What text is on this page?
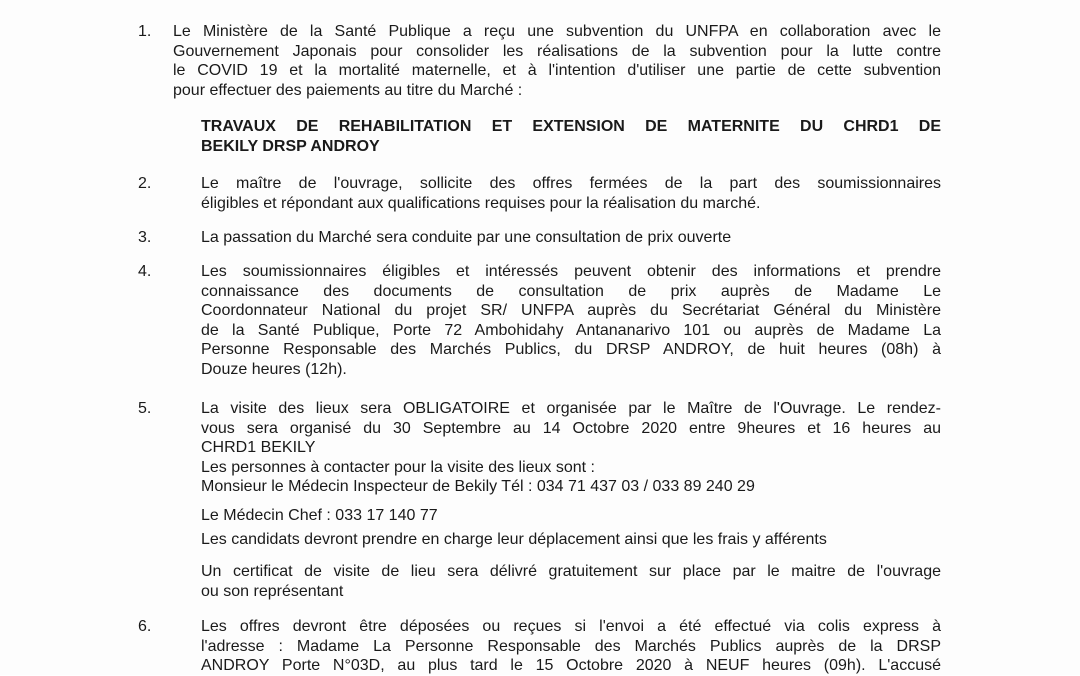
1.	Le Ministère de la Santé Publique a reçu une subvention du UNFPA en collaboration avec le
Gouvernement Japonais pour consolider les réalisations de la subvention pour la lutte contre
le COVID 19 et la mortalité maternelle, et à l'intention d'utiliser une partie de cette subvention
pour effectuer des paiements au titre du Marché :
TRAVAUX DE REHABILITATION ET EXTENSION DE MATERNITE DU CHRD1 DE
BEKILY DRSP ANDROY
2.	Le maître de l'ouvrage, sollicite des offres fermées de la part des soumissionnaires
éligibles et répondant aux qualifications requises pour la réalisation du marché.
3.	La passation du Marché sera conduite par une consultation de prix ouverte
4.	Les soumissionnaires éligibles et intéressés peuvent obtenir des informations et prendre
connaissance des documents de consultation de prix auprès de Madame Le
Coordonnateur National du projet SR/ UNFPA auprès du Secrétariat Général du Ministère
de la Santé Publique, Porte 72 Ambohidahy Antananarivo 101 ou auprès de Madame La
Personne Responsable des Marchés Publics, du DRSP ANDROY, de huit heures (08h) à
Douze heures (12h).
5.	La visite des lieux sera OBLIGATOIRE et organisée par le Maître de l'Ouvrage. Le rendez-
vous sera organisé du 30 Septembre au 14 Octobre 2020 entre 9heures et 16 heures au
CHRD1 BEKILY
Les personnes à contacter pour la visite des lieux sont :
Monsieur le Médecin Inspecteur de Bekily Tél : 034 71 437 03 / 033 89 240 29
Le Médecin Chef : 033 17 140 77
Les candidats devront prendre en charge leur déplacement ainsi que les frais y afférents
Un certificat de visite de lieu sera délivré gratuitement sur place par le maitre de l'ouvrage
ou son représentant
6.	Les offres devront être déposées ou reçues si l'envoi a été effectué via colis express à
l'adresse : Madame La Personne Responsable des Marchés Publics auprès de la DRSP
ANDROY Porte N°03D, au plus tard le 15 Octobre 2020 à NEUF heures (09h). L'accusé
